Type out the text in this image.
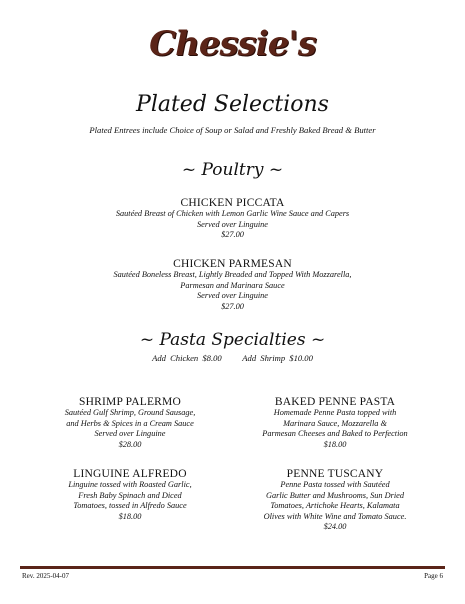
Chessie's
Plated Selections
Plated Entrees include Choice of Soup or Salad and Freshly Baked Bread & Butter
~ Poultry ~
CHICKEN PICCATA
Sautéed Breast of Chicken with Lemon Garlic Wine Sauce and Capers
Served over Linguine
$27.00
CHICKEN PARMESAN
Sautéed Boneless Breast, Lightly Breaded and Topped With Mozzarella,
Parmesan and Marinara Sauce
Served over Linguine
$27.00
~ Pasta Specialties ~
Add Chicken $8.00     Add Shrimp $10.00
SHRIMP PALERMO
Sautéed Gulf Shrimp, Ground Sausage,
and Herbs & Spices in a Cream Sauce
Served over Linguine
$28.00
BAKED PENNE PASTA
Homemade Penne Pasta topped with
Marinara Sauce, Mozzarella &
Parmesan Cheeses and Baked to Perfection
$18.00
LINGUINE ALFREDO
Linguine tossed with Roasted Garlic,
Fresh Baby Spinach and Diced
Tomatoes, tossed in Alfredo Sauce
$18.00
PENNE TUSCANY
Penne Pasta tossed with Sautéed
Garlic Butter and Mushrooms, Sun Dried
Tomatoes, Artichoke Hearts, Kalamata
Olives with White Wine and Tomato Sauce.
$24.00
Rev. 2025-04-07	Page 6
